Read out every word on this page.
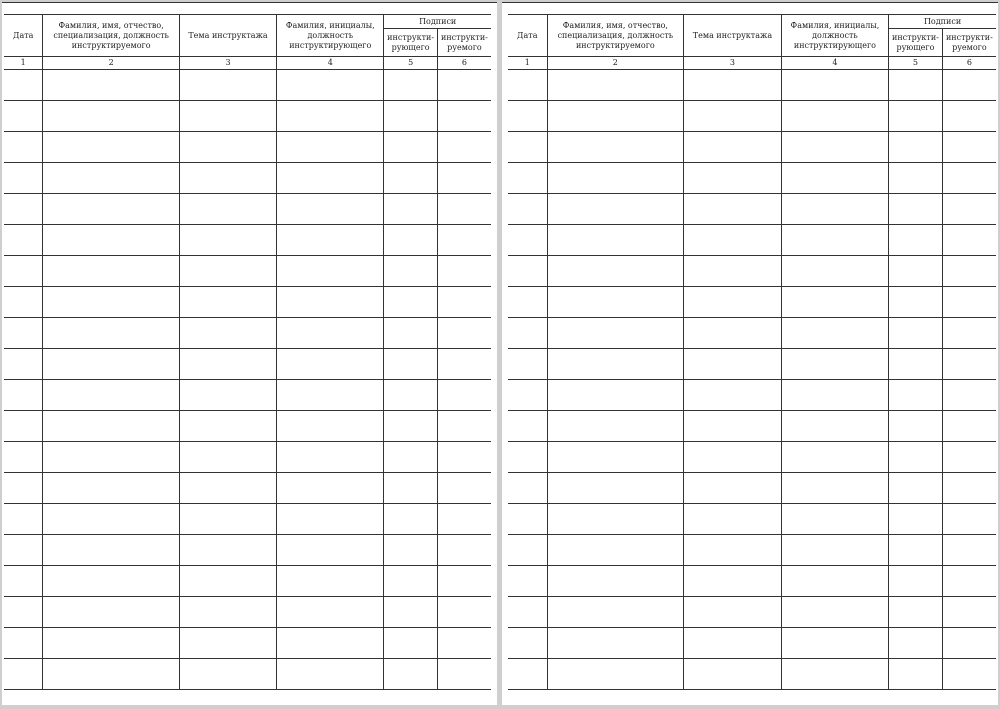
Дата	Фамилия, имя, отчество, специализация, должность инструктируемого	Тема инструктажа	Фамилия, инициалы, должность инструктирующего	Подписи	
				инструкти-рующего	инструкти-руемого
1	2	3	4	5	6

Дата	Фамилия, имя, отчество, специализация, должность инструктируемого	Тема инструктажа	Фамилия, инициалы, должность инструктирующего	Подписи	
				инструкти-рующего	инструкти-руемого
1	2	3	4	5	6
